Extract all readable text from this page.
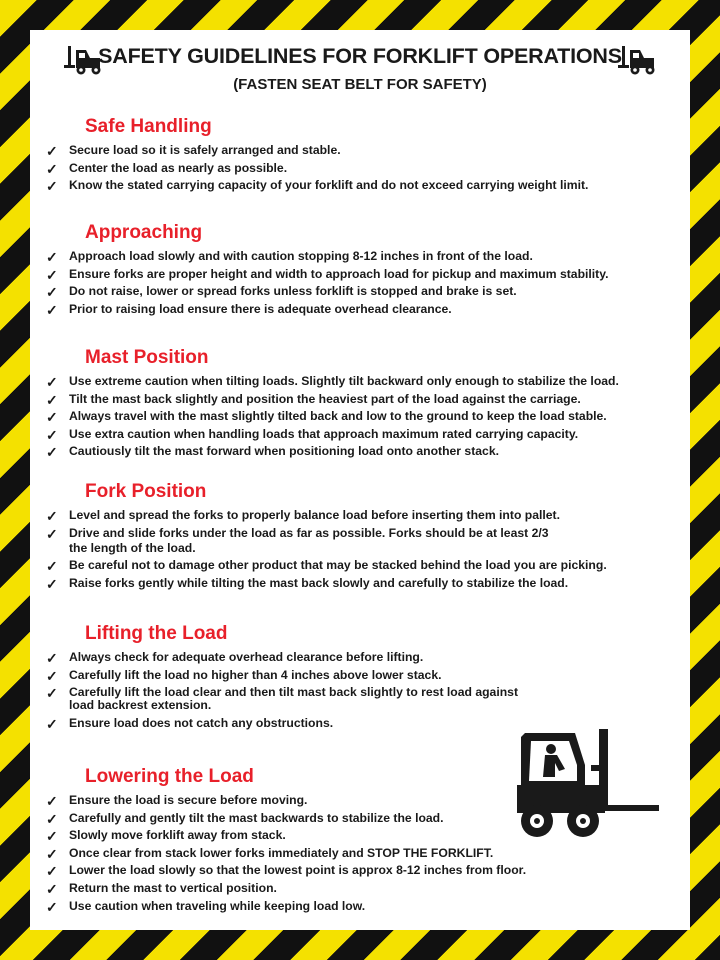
SAFETY GUIDELINES FOR FORKLIFT OPERATIONS
(FASTEN SEAT BELT FOR SAFETY)
Safe Handling
✓ Secure load so it is safely arranged and stable.
✓ Center the load as nearly as possible.
✓ Know the stated carrying capacity of your forklift and do not exceed carrying weight limit.
Approaching
✓ Approach load slowly and with caution stopping 8-12 inches in front of the load.
✓ Ensure forks are proper height and width to approach load for pickup and maximum stability.
✓ Do not raise, lower or spread forks unless forklift is stopped and brake is set.
✓ Prior to raising load ensure there is adequate overhead clearance.
Mast Position
✓ Use extreme caution when tilting loads. Slightly tilt backward only enough to stabilize the load.
✓ Tilt the mast back slightly and position the heaviest part of the load against the carriage.
✓ Always travel with the mast slightly tilted back and low to the ground to keep the load stable.
✓ Use extra caution when handling loads that approach maximum rated carrying capacity.
✓ Cautiously tilt the mast forward when positioning load onto another stack.
Fork Position
✓ Level and spread the forks to properly balance load before inserting them into pallet.
✓ Drive and slide forks under the load as far as possible. Forks should be at least 2/3
the length of the load.
✓ Be careful not to damage other product that may be stacked behind the load you are picking.
✓ Raise forks gently while tilting the mast back slowly and carefully to stabilize the load.
Lifting the Load
✓ Always check for adequate overhead clearance before lifting.
✓ Carefully lift the load no higher than 4 inches above lower stack.
✓ Carefully lift the load clear and then tilt mast back slightly to rest load against
load backrest extension.
✓ Ensure load does not catch any obstructions.
Lowering the Load
✓ Ensure the load is secure before moving.
✓ Carefully and gently tilt the mast backwards to stabilize the load.
✓ Slowly move forklift away from stack.
✓ Once clear from stack lower forks immediately and STOP THE FORKLIFT.
✓ Lower the load slowly so that the lowest point is approx 8-12 inches from floor.
✓ Return the mast to vertical position.
✓ Use caution when traveling while keeping load low.
